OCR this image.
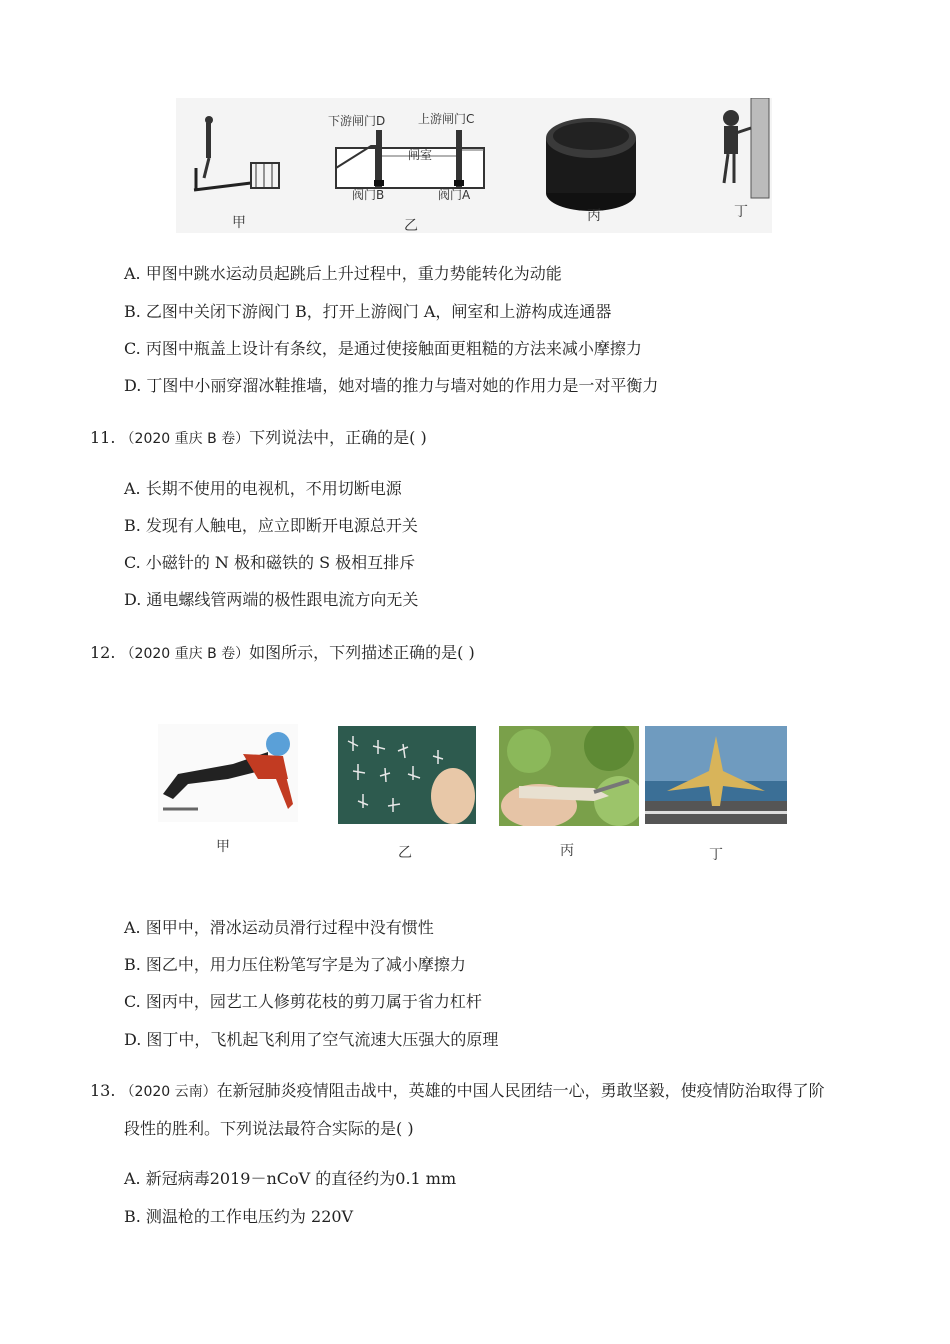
下游闸门D	上游闸门C
闸室
阀门B	阀门A
甲	乙
丙	丁
A. 甲图中跳水运动员起跳后上升过程中，重力势能转化为动能
B. 乙图中关闭下游阀门 B，打开上游阀门 A，闸室和上游构成连通器
C. 丙图中瓶盖上设计有条纹，是通过使接触面更粗糙的方法来减小摩擦力
D. 丁图中小丽穿溜冰鞋推墙，她对墙的推力与墙对她的作用力是一对平衡力
11. （2020 重庆 B 卷）下列说法中，正确的是( )
A. 长期不使用的电视机，不用切断电源
B. 发现有人触电，应立即断开电源总开关
C. 小磁针的 N 极和磁铁的 S 极相互排斥
D. 通电螺线管两端的极性跟电流方向无关
12. （2020 重庆 B 卷）如图所示，下列描述正确的是( )
甲	乙	丙	丁
A. 图甲中，滑冰运动员滑行过程中没有惯性
B. 图乙中，用力压住粉笔写字是为了减小摩擦力
C. 图丙中，园艺工人修剪花枝的剪刀属于省力杠杆
D. 图丁中，飞机起飞利用了空气流速大压强大的原理
13. （2020 云南）在新冠肺炎疫情阻击战中，英雄的中国人民团结一心，勇敢坚毅，使疫情防治取得了阶
段性的胜利。下列说法最符合实际的是( )
A. 新冠病毒2019－nCoV 的直径约为0.1 mm
B. 测温枪的工作电压约为 220V
